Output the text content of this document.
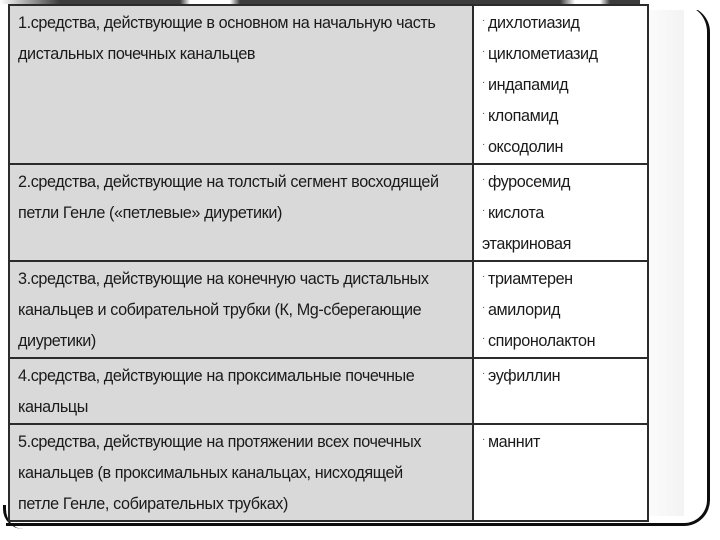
1.средства, действующие в основном на начальную часть
дистальных почечных канальцев	· дихлотиазид
· циклометиазид
· индапамид
· клопамид
· оксодолин

2.средства, действующие на толстый сегмент восходящей
петли Генле («петлевые» диуретики)	· фуросемид
· кислота
этакриновая

3.средства, действующие на конечную часть дистальных
канальцев и собирательной трубки (К, Mg-сберегающие
диуретики)	· триамтерен
· амилорид
· спиронолактон

4.средства, действующие на проксимальные почечные
канальцы	· эуфиллин

5.средства, действующие на протяжении всех почечных
канальцев (в проксимальных канальцах, нисходящей
петле Генле, собирательных трубках)	· маннит
